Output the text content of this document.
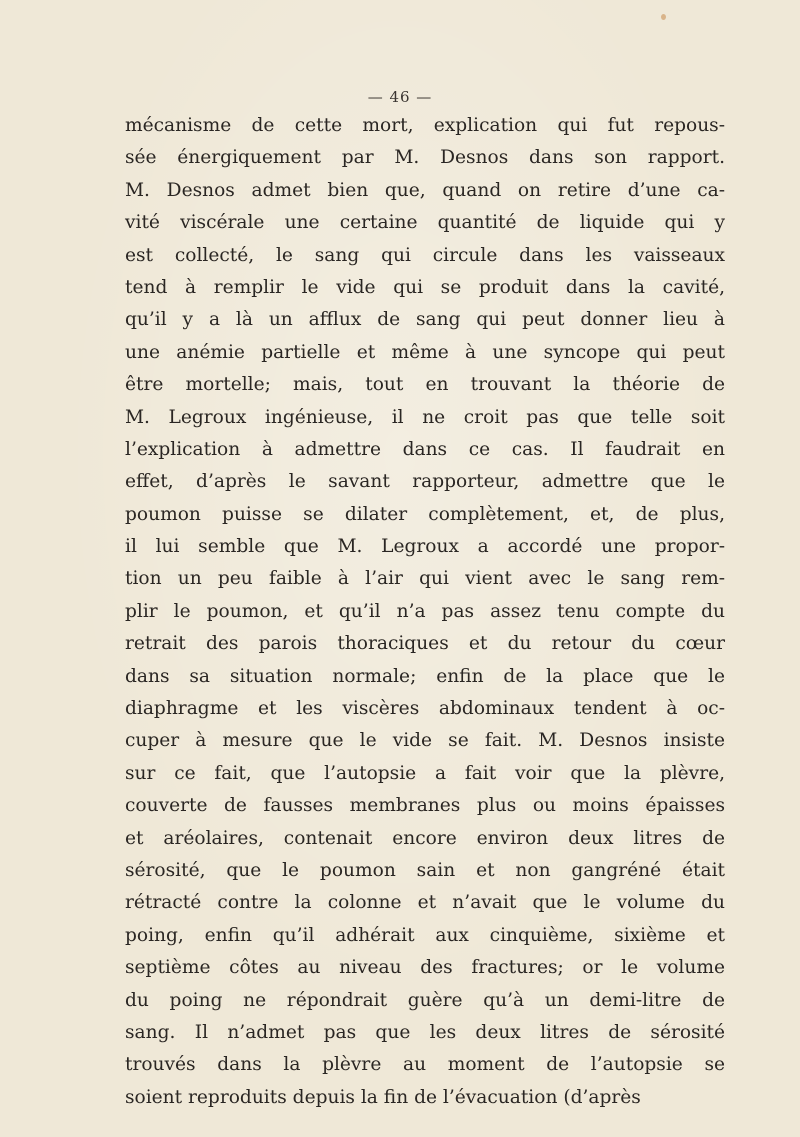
— 46 —
mécanisme de cette mort, explication qui fut repous-
sée énergiquement par M. Desnos dans son rapport.
M. Desnos admet bien que, quand on retire d’une ca-
vité viscérale une certaine quantité de liquide qui y
est collecté, le sang qui circule dans les vaisseaux
tend à remplir le vide qui se produit dans la cavité,
qu’il y a là un afflux de sang qui peut donner lieu à
une anémie partielle et même à une syncope qui peut
être mortelle; mais, tout en trouvant la théorie de
M. Legroux ingénieuse, il ne croit pas que telle soit
l’explication à admettre dans ce cas. Il faudrait en
effet, d’après le savant rapporteur, admettre que le
poumon puisse se dilater complètement, et, de plus,
il lui semble que M. Legroux a accordé une propor-
tion un peu faible à l’air qui vient avec le sang rem-
plir le poumon, et qu’il n’a pas assez tenu compte du
retrait des parois thoraciques et du retour du cœur
dans sa situation normale; enfin de la place que le
diaphragme et les viscères abdominaux tendent à oc-
cuper à mesure que le vide se fait. M. Desnos insiste
sur ce fait, que l’autopsie a fait voir que la plèvre,
couverte de fausses membranes plus ou moins épaisses
et aréolaires, contenait encore environ deux litres de
sérosité, que le poumon sain et non gangréné était
rétracté contre la colonne et n’avait que le volume du
poing, enfin qu’il adhérait aux cinquième, sixième et
septième côtes au niveau des fractures; or le volume
du poing ne répondrait guère qu’à un demi-litre de
sang. Il n’admet pas que les deux litres de sérosité
trouvés dans la plèvre au moment de l’autopsie se
soient reproduits depuis la fin de l’évacuation (d’après
